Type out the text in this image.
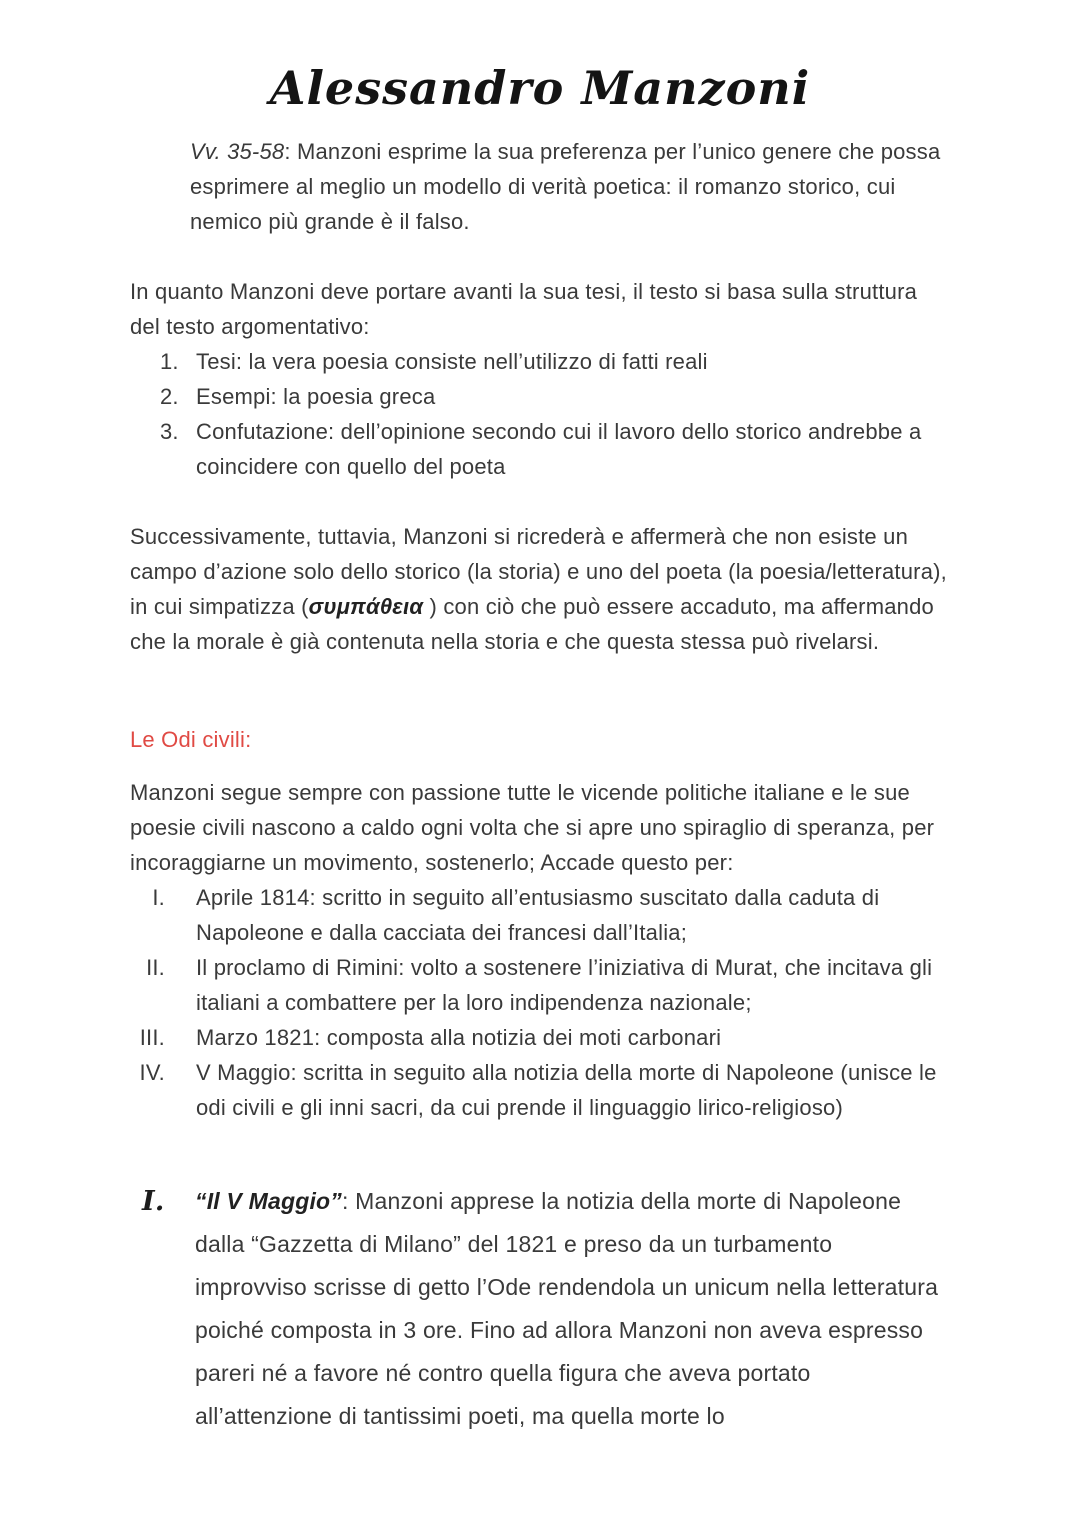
Alessandro Manzoni

Vv. 35-58: Manzoni esprime la sua preferenza per l’unico genere che possa esprimere al meglio un modello di verità poetica: il romanzo storico, cui nemico più grande è il falso.

In quanto Manzoni deve portare avanti la sua tesi, il testo si basa sulla struttura del testo argomentativo:

1. Tesi: la vera poesia consiste nell’utilizzo di fatti reali
2. Esempi: la poesia greca
3. Confutazione: dell’opinione secondo cui il lavoro dello storico andrebbe a coincidere con quello del poeta

Successivamente, tuttavia, Manzoni si ricrederà e affermerà che non esiste un campo d’azione solo dello storico (la storia) e uno del poeta (la poesia/letteratura), in cui simpatizza (συμπάθεια ) con ciò che può essere accaduto, ma affermando che la morale è già contenuta nella storia e che questa stessa può rivelarsi.

Le Odi civili:

Manzoni segue sempre con passione tutte le vicende politiche italiane e le sue poesie civili nascono a caldo ogni volta che si apre uno spiraglio di speranza, per incoraggiarne un movimento, sostenerlo; Accade questo per:

I. Aprile 1814: scritto in seguito all’entusiasmo suscitato dalla caduta di Napoleone e dalla cacciata dei francesi dall’Italia;
II. Il proclamo di Rimini: volto a sostenere l’iniziativa di Murat, che incitava gli italiani a combattere per la loro indipendenza nazionale;
III. Marzo 1821: composta alla notizia dei moti carbonari
IV. V Maggio: scritta in seguito alla notizia della morte di Napoleone (unisce le odi civili e gli inni sacri, da cui prende il linguaggio lirico-religioso)
I.	“Il V Maggio”: Manzoni apprese la notizia della morte di Napoleone dalla “Gazzetta di Milano” del 1821 e preso da un turbamento improvviso scrisse di getto l’Ode rendendola un unicum nella letteratura poiché composta in 3 ore. Fino ad allora Manzoni non aveva espresso pareri né a favore né contro quella figura che aveva portato all’attenzione di tantissimi poeti, ma quella morte lo
